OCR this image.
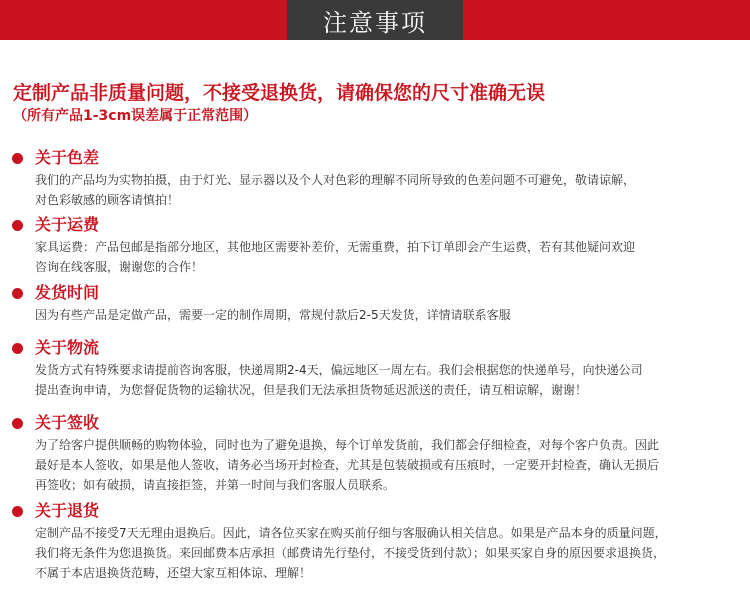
注意事项

定制产品非质量问题，不接受退换货，请确保您的尺寸准确无误

（所有产品1-3cm误差属于正常范围）

关于色差

我们的产品均为实物拍摄，由于灯光、显示器以及个人对色彩的理解不同所导致的色差问题不可避免，敬请谅解，
对色彩敏感的顾客请慎拍！

关于运费

家具运费：产品包邮是指部分地区，其他地区需要补差价，无需重费，拍下订单即会产生运费，若有其他疑问欢迎
咨询在线客服，谢谢您的合作！

发货时间

因为有些产品是定做产品，需要一定的制作周期，常规付款后2-5天发货，详情请联系客服

关于物流

发货方式有特殊要求请提前咨询客服，快递周期2-4天，偏远地区一周左右。我们会根据您的快递单号，向快递公司
提出查询申请，为您督促货物的运输状况，但是我们无法承担货物延迟派送的责任，请互相谅解，谢谢！

关于签收

为了给客户提供顺畅的购物体验，同时也为了避免退换，每个订单发货前，我们都会仔细检查，对每个客户负责。因此
最好是本人签收，如果是他人签收，请务必当场开封检查，尤其是包装破损或有压痕时，一定要开封检查，确认无损后
再签收；如有破损，请直接拒签，并第一时间与我们客服人员联系。

关于退货

定制产品不接受7天无理由退换后。因此，请各位买家在购买前仔细与客服确认相关信息。如果是产品本身的质量问题，
我们将无条件为您退换货。来回邮费本店承担（邮费请先行垫付，不接受货到付款）；如果买家自身的原因要求退换货，
不属于本店退换货范畴，还望大家互相体谅、理解！
